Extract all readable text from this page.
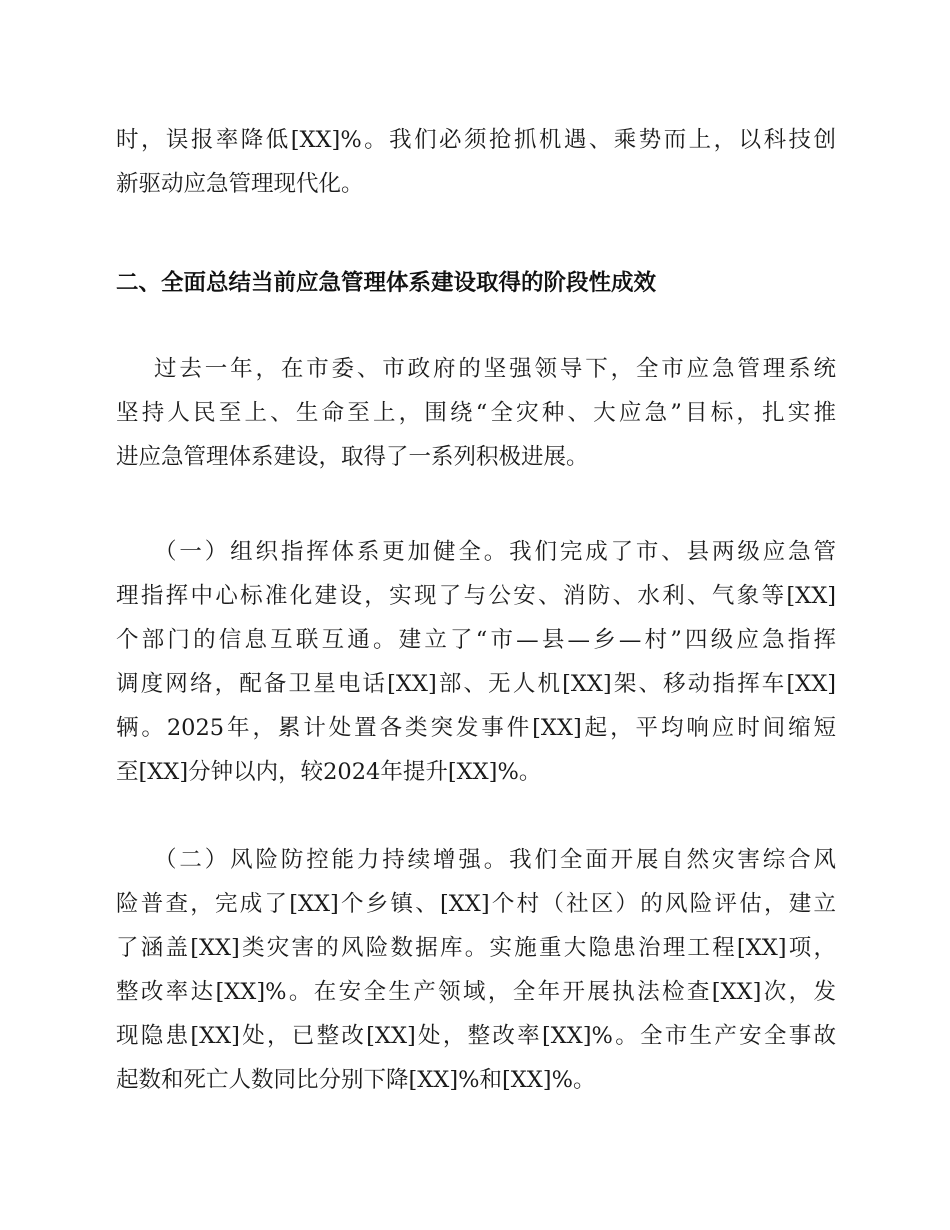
时，误报率降低[XX]%。我们必须抢抓机遇、乘势而上，以科技创
新驱动应急管理现代化。
二、全面总结当前应急管理体系建设取得的阶段性成效
过去一年，在市委、市政府的坚强领导下，全市应急管理系统
坚持人民至上、生命至上，围绕“全灾种、大应急”目标，扎实推
进应急管理体系建设，取得了一系列积极进展。
（一）组织指挥体系更加健全。我们完成了市、县两级应急管
理指挥中心标准化建设，实现了与公安、消防、水利、气象等[XX]
个部门的信息互联互通。建立了“市—县—乡—村”四级应急指挥
调度网络，配备卫星电话[XX]部、无人机[XX]架、移动指挥车[XX]
辆。2025年，累计处置各类突发事件[XX]起，平均响应时间缩短
至[XX]分钟以内，较2024年提升[XX]%。
（二）风险防控能力持续增强。我们全面开展自然灾害综合风
险普查，完成了[XX]个乡镇、[XX]个村（社区）的风险评估，建立
了涵盖[XX]类灾害的风险数据库。实施重大隐患治理工程[XX]项，
整改率达[XX]%。在安全生产领域，全年开展执法检查[XX]次，发
现隐患[XX]处，已整改[XX]处，整改率[XX]%。全市生产安全事故
起数和死亡人数同比分别下降[XX]%和[XX]%。
